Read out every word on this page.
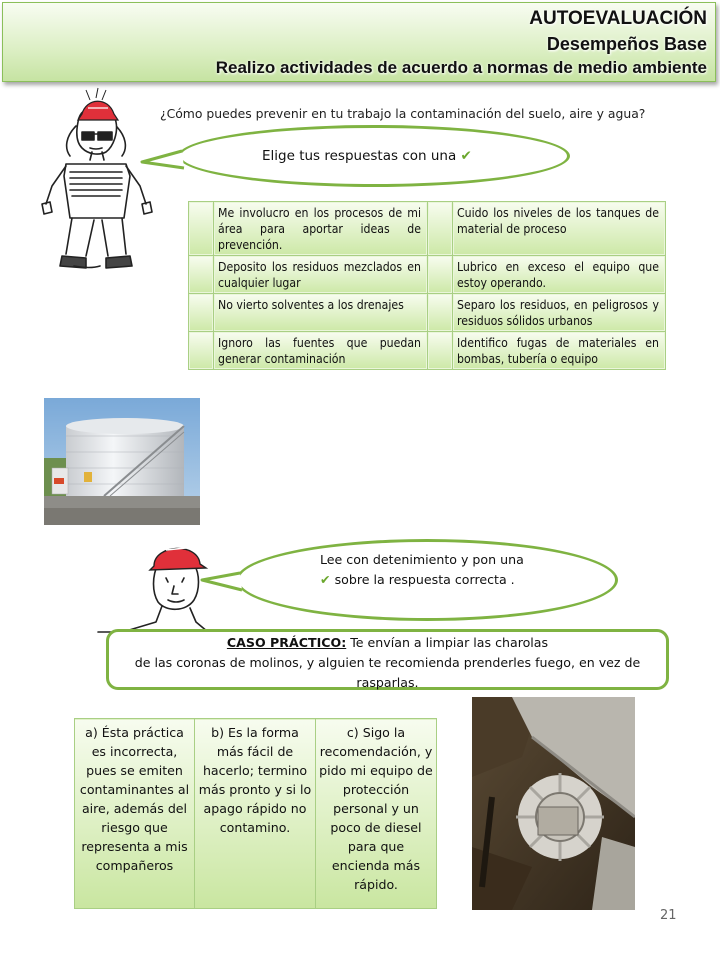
AUTOEVALUACIÓN
Desempeños Base
Realizo actividades de acuerdo a normas de medio ambiente
¿Cómo puedes prevenir en tu trabajo la contaminación del suelo, aire y agua?
Elige tus respuestas con una ✔
	Me involucro en los procesos de mi área para aportar ideas de prevención.		Cuido los niveles de los tanques de material de proceso
	Deposito los residuos mezclados en cualquier lugar		Lubrico en exceso el equipo que estoy operando.
	No vierto solventes a los drenajes		Separo los residuos, en peligrosos y residuos sólidos urbanos
	Ignoro las fuentes que puedan generar contaminación		Identifico fugas de materiales en bombas, tubería o equipo
Lee con detenimiento y pon una
✔ sobre la respuesta correcta .
CASO PRÁCTICO: Te envían a limpiar las charolas
de las coronas de molinos, y alguien te recomienda prenderles fuego, en vez de rasparlas.
a) Ésta práctica es incorrecta, pues se emiten contaminantes al aire, además del riesgo que representa a mis compañeros	b) Es la forma más fácil de hacerlo; termino más pronto y si lo apago rápido no contamino.	c) Sigo la recomendación, y pido mi equipo de protección personal y un poco de diesel para que encienda más rápido.
21
